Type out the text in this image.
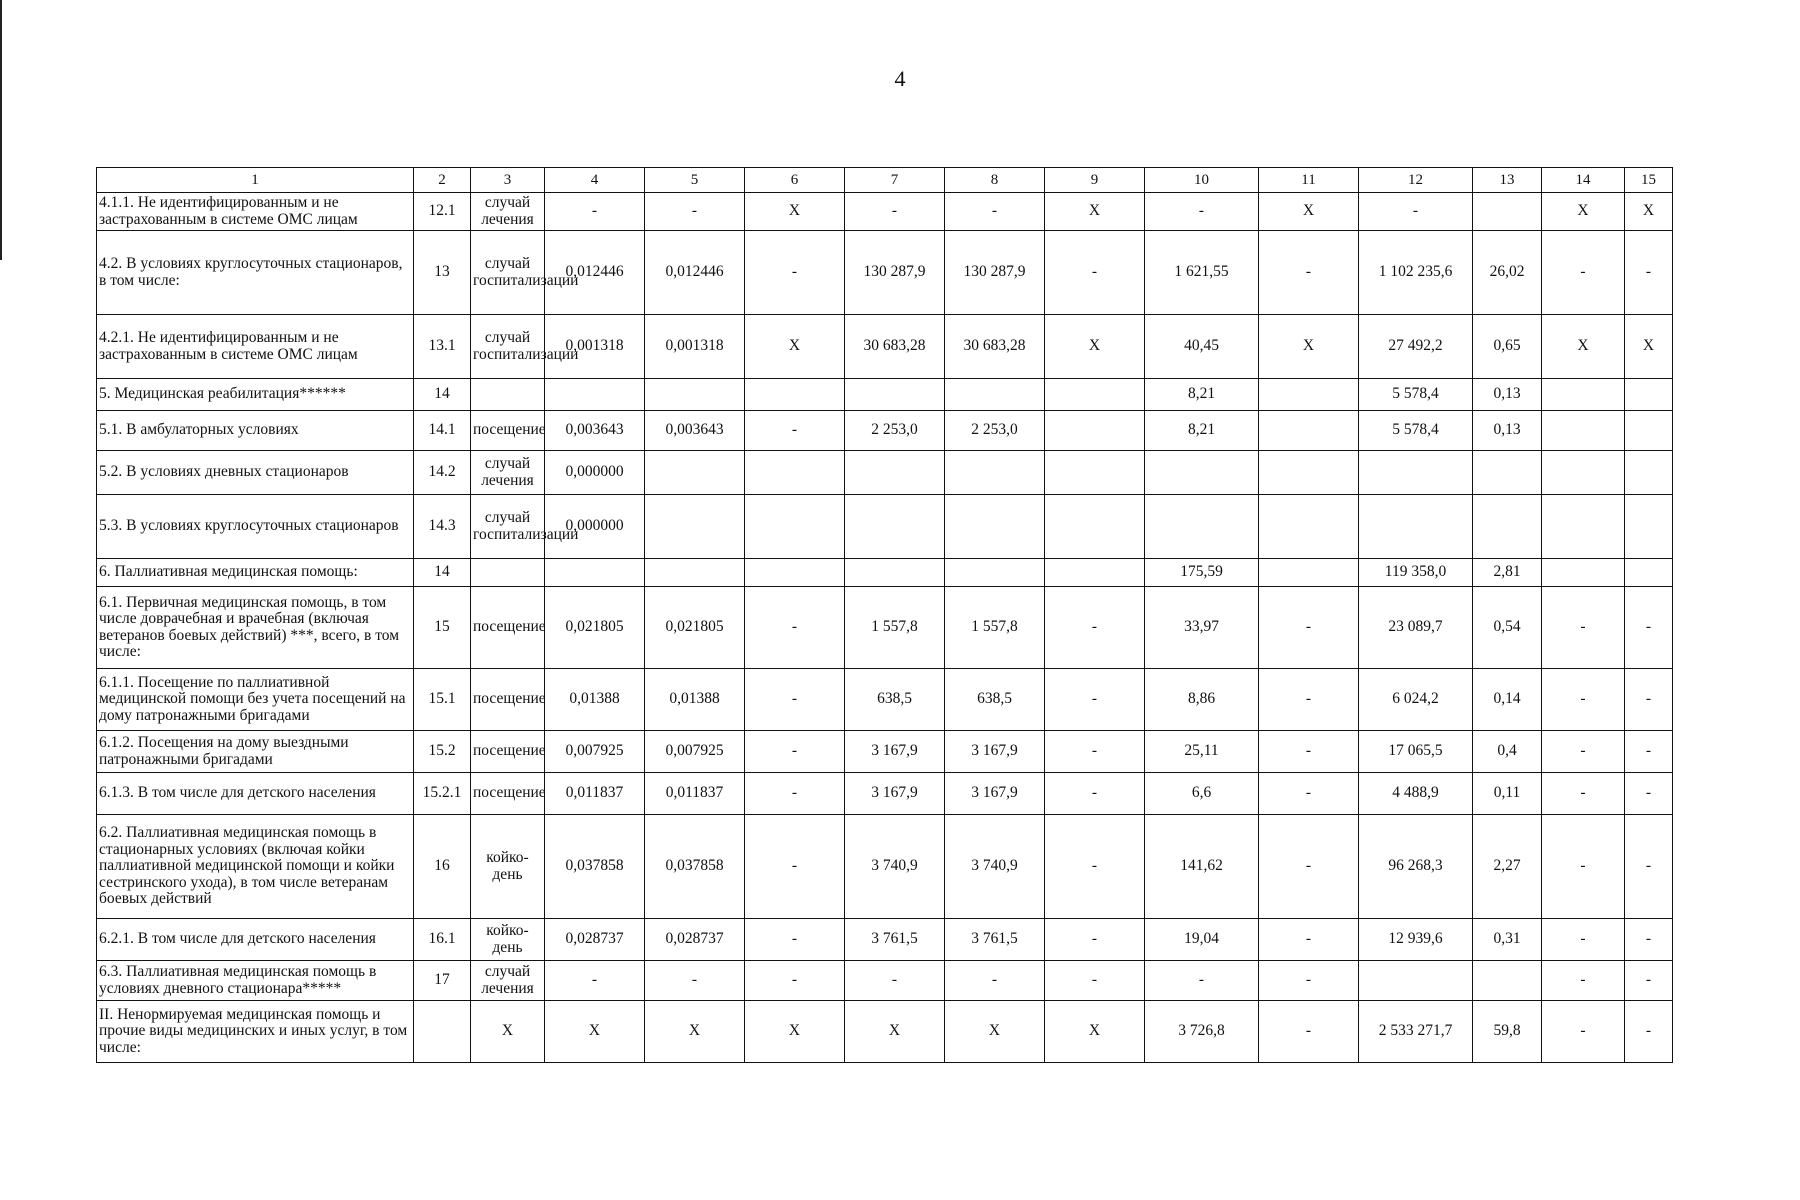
4
1	2	3	4	5	6	7	8	9	10	11	12	13	14	15
4.1.1. Не идентифицированным и не застрахованным в системе ОМС лицам	12.1	случай лечения	-	-	X	-	-	X	-	X	-		X	X
4.2. В условиях круглосуточных стационаров, в том числе:	13	случай госпитализации	0,012446	0,012446	-	130 287,9	130 287,9	-	1 621,55	-	1 102 235,6	26,02	-	-
4.2.1. Не идентифицированным и не застрахованным в системе ОМС лицам	13.1	случай госпитализации	0,001318	0,001318	X	30 683,28	30 683,28	X	40,45	X	27 492,2	0,65	X	X
5. Медицинская реабилитация******	14								8,21		5 578,4	0,13		
5.1. В амбулаторных условиях	14.1	посещение	0,003643	0,003643	-	2 253,0	2 253,0		8,21		5 578,4	0,13		
5.2. В условиях дневных стационаров	14.2	случай лечения	0,000000											
5.3. В условиях круглосуточных стационаров	14.3	случай госпитализации	0,000000											
6. Паллиативная медицинская помощь:	14								175,59		119 358,0	2,81		
6.1. Первичная медицинская помощь, в том числе доврачебная и врачебная (включая ветеранов боевых действий) ***, всего, в том числе:	15	посещение	0,021805	0,021805	-	1 557,8	1 557,8	-	33,97	-	23 089,7	0,54	-	-
6.1.1. Посещение по паллиативной медицинской помощи без учета посещений на дому патронажными бригадами	15.1	посещение	0,01388	0,01388	-	638,5	638,5	-	8,86	-	6 024,2	0,14	-	-
6.1.2. Посещения на дому выездными патронажными бригадами	15.2	посещение	0,007925	0,007925	-	3 167,9	3 167,9	-	25,11	-	17 065,5	0,4	-	-
6.1.3. В том числе для детского населения	15.2.1	посещение	0,011837	0,011837	-	3 167,9	3 167,9	-	6,6	-	4 488,9	0,11	-	-
6.2. Паллиативная медицинская помощь в стационарных условиях (включая койки паллиативной медицинской помощи и койки сестринского ухода), в том числе ветеранам боевых действий	16	койко-день	0,037858	0,037858	-	3 740,9	3 740,9	-	141,62	-	96 268,3	2,27	-	-
6.2.1. В том числе для детского населения	16.1	койко-день	0,028737	0,028737	-	3 761,5	3 761,5	-	19,04	-	12 939,6	0,31	-	-
6.3. Паллиативная медицинская помощь в условиях дневного стационара*****	17	случай лечения	-	-	-	-	-	-	-	-			-	-
II. Ненормируемая медицинская помощь и прочие виды медицинских и иных услуг, в том числе:		X	X	X	X	X	X	X	3 726,8	-	2 533 271,7	59,8	-	-
